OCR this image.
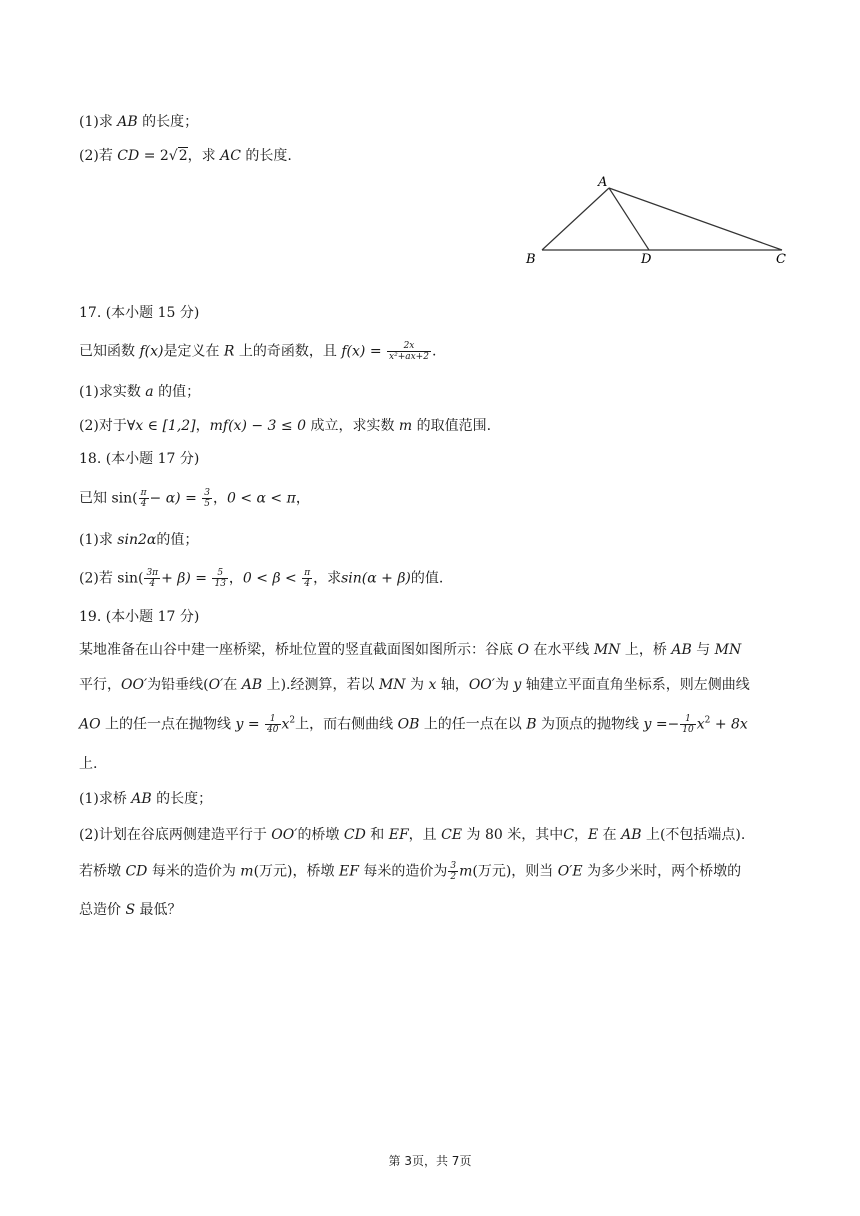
(1)求 AB 的长度；
(2)若 CD = 2√2，求 AC 的长度.
A
B	D	C
17. (本小题 15 分)
已知函数 f(x)是定义在 R 上的奇函数，且 $f(x) = \frac{2x}{\text{x²+ax+2}}$ .
(1)求实数 a 的值；
(2)对于∀x ∈ [1,2]，mf(x) − 3 ≤ 0 成立，求实数 m 的取值范围.
18. (本小题 17 分)
已知 $\sin( \frac{\pi}{4} - \alpha) = \frac{3}{5}$ ，0 < α < π，
(1)求 sin2α的值；
(2)若 $\sin( \frac{3\pi}{4} + \beta) = \frac{5}{13}$ ，$0 < \beta < \frac{\pi}{4}$ ，求sin(α + β)的值.
19. (本小题 17 分)
某地准备在山谷中建一座桥梁，桥址位置的竖直截面图如图所示：谷底 O 在水平线 MN 上，桥 AB 与 MN
平行，OO′为铅垂线(O′在 AB 上).经测算，若以 MN 为 x 轴，OO′为 y 轴建立平面直角坐标系，则左侧曲线
AO 上的任一点在抛物线 $y = \frac{1}{40} x^2$上，而右侧曲线 OB 上的任一点在以 B 为顶点的抛物线 $y =- \frac{1}{10} x^2 + 8x$
上.
(1)求桥 AB 的长度；
(2)计划在谷底两侧建造平行于 OO′的桥墩 CD 和 EF，且 CE 为 80 米，其中C，E 在 AB 上(不包括端点).
若桥墩 CD 每米的造价为 m(万元)，桥墩 EF 每米的造价为 $\frac{3}{2} m$(万元)，则当 O′E 为多少米时，两个桥墩的
总造价 S 最低？
第 3页，共 7页
